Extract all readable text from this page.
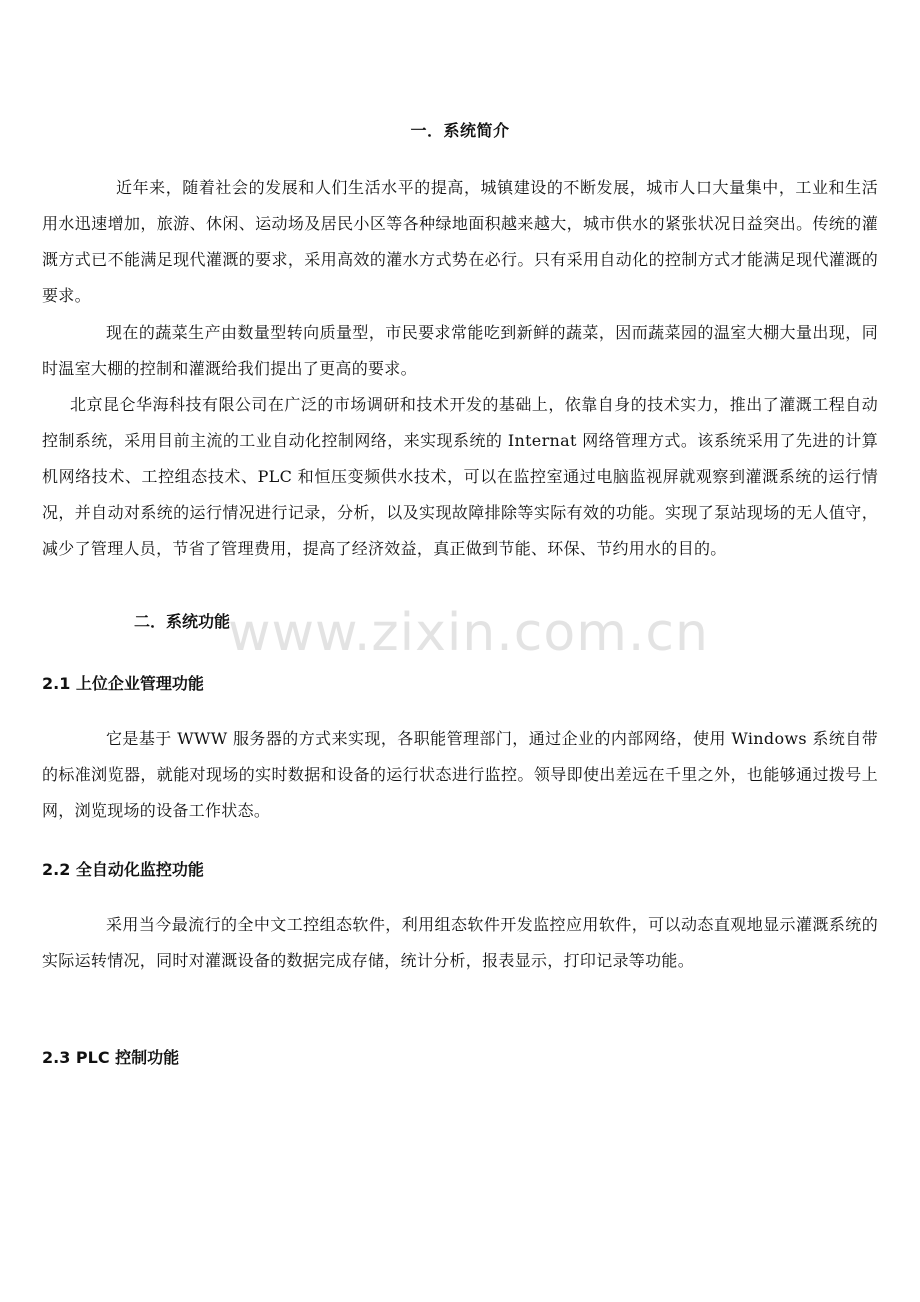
www.zixin.com.cn
一．系统简介

近年来，随着社会的发展和人们生活水平的提高，城镇建设的不断发展，城市人口大量集中，工业和生活用水迅速增加，旅游、休闲、运动场及居民小区等各种绿地面积越来越大，城市供水的紧张状况日益突出。传统的灌溉方式已不能满足现代灌溉的要求，采用高效的灌水方式势在必行。只有采用自动化的控制方式才能满足现代灌溉的要求。

现在的蔬菜生产由数量型转向质量型，市民要求常能吃到新鲜的蔬菜，因而蔬菜园的温室大棚大量出现，同时温室大棚的控制和灌溉给我们提出了更高的要求。

北京昆仑华海科技有限公司在广泛的市场调研和技术开发的基础上，依靠自身的技术实力，推出了灌溉工程自动控制系统，采用目前主流的工业自动化控制网络，来实现系统的 Internat 网络管理方式。该系统采用了先进的计算机网络技术、工控组态技术、PLC 和恒压变频供水技术，可以在监控室通过电脑监视屏就观察到灌溉系统的运行情况，并自动对系统的运行情况进行记录，分析，以及实现故障排除等实际有效的功能。实现了泵站现场的无人值守，减少了管理人员，节省了管理费用，提高了经济效益，真正做到节能、环保、节约用水的目的。

二．系统功能
2.1 上位企业管理功能

它是基于 WWW 服务器的方式来实现，各职能管理部门，通过企业的内部网络，使用 Windows 系统自带的标准浏览器，就能对现场的实时数据和设备的运行状态进行监控。领导即使出差远在千里之外，也能够通过拨号上网，浏览现场的设备工作状态。

2.2 全自动化监控功能

采用当今最流行的全中文工控组态软件，利用组态软件开发监控应用软件，可以动态直观地显示灌溉系统的实际运转情况，同时对灌溉设备的数据完成存储，统计分析，报表显示，打印记录等功能。

2.3 PLC 控制功能
